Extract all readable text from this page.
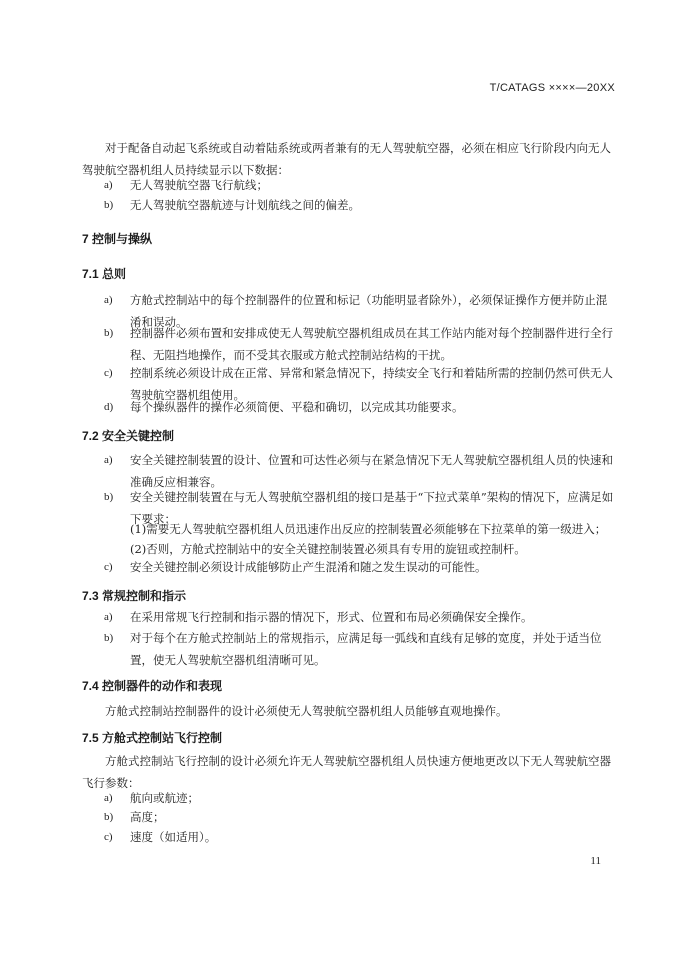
T/CATAGS ××××—20XX
对于配备自动起飞系统或自动着陆系统或两者兼有的无人驾驶航空器，必须在相应飞行阶段内向无人驾驶航空器机组人员持续显示以下数据：
a)	无人驾驶航空器飞行航线；
b)	无人驾驶航空器航迹与计划航线之间的偏差。
7 控制与操纵
7.1 总则
a)	方舱式控制站中的每个控制器件的位置和标记（功能明显者除外），必须保证操作方便并防止混淆和误动。
b)	控制器件必须布置和安排成使无人驾驶航空器机组成员在其工作站内能对每个控制器件进行全行程、无阻挡地操作，而不受其衣服或方舱式控制站结构的干扰。
c)	控制系统必须设计成在正常、异常和紧急情况下，持续安全飞行和着陆所需的控制仍然可供无人驾驶航空器机组使用。
d)	每个操纵器件的操作必须简便、平稳和确切，以完成其功能要求。
7.2 安全关键控制
a)	安全关键控制装置的设计、位置和可达性必须与在紧急情况下无人驾驶航空器机组人员的快速和准确反应相兼容。
b)	安全关键控制装置在与无人驾驶航空器机组的接口是基于“下拉式菜单”架构的情况下，应满足如下要求：
(1)需要无人驾驶航空器机组人员迅速作出反应的控制装置必须能够在下拉菜单的第一级进入；
(2)否则，方舱式控制站中的安全关键控制装置必须具有专用的旋钮或控制杆。
c)	安全关键控制必须设计成能够防止产生混淆和随之发生误动的可能性。
7.3 常规控制和指示
a)	在采用常规飞行控制和指示器的情况下，形式、位置和布局必须确保安全操作。
b)	对于每个在方舱式控制站上的常规指示，应满足每一弧线和直线有足够的宽度，并处于适当位置，使无人驾驶航空器机组清晰可见。
7.4 控制器件的动作和表现
方舱式控制站控制器件的设计必须使无人驾驶航空器机组人员能够直观地操作。
7.5 方舱式控制站飞行控制
方舱式控制站飞行控制的设计必须允许无人驾驶航空器机组人员快速方便地更改以下无人驾驶航空器飞行参数：
a)	航向或航迹；
b)	高度；
c)	速度（如适用）。
11
